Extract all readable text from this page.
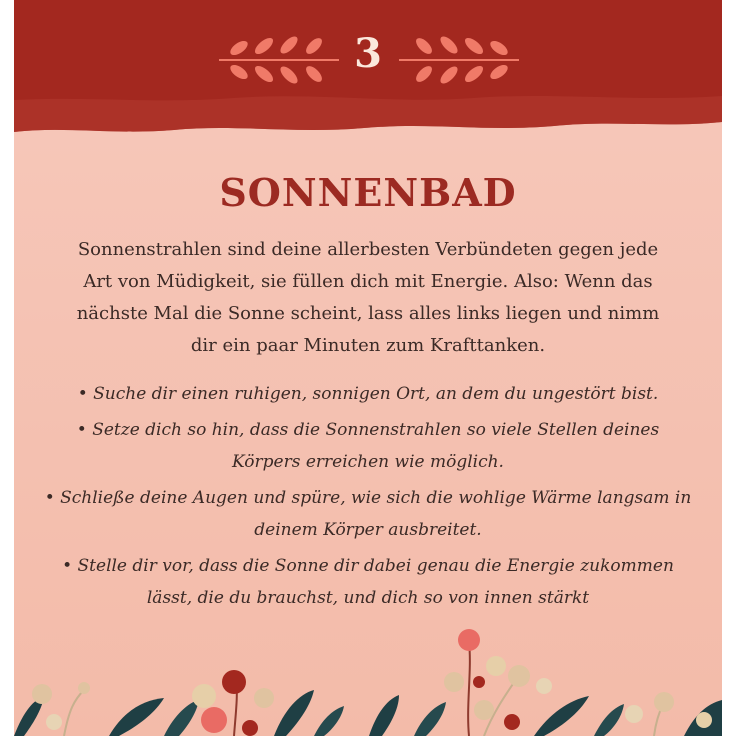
3
SONNENBAD
Sonnenstrahlen sind deine allerbesten Verbündeten gegen jede Art von Müdigkeit, sie füllen dich mit Energie. Also: Wenn das nächste Mal die Sonne scheint, lass alles links liegen und nimm dir ein paar Minuten zum Krafttanken.
• Suche dir einen ruhigen, sonnigen Ort, an dem du ungestört bist.
• Setze dich so hin, dass die Sonnenstrahlen so viele Stellen deines Körpers erreichen wie möglich.
• Schließe deine Augen und spüre, wie sich die wohlige Wärme langsam in deinem Körper ausbreitet.
• Stelle dir vor, dass die Sonne dir dabei genau die Energie zukommen lässt, die du brauchst, und dich so von innen stärkt
